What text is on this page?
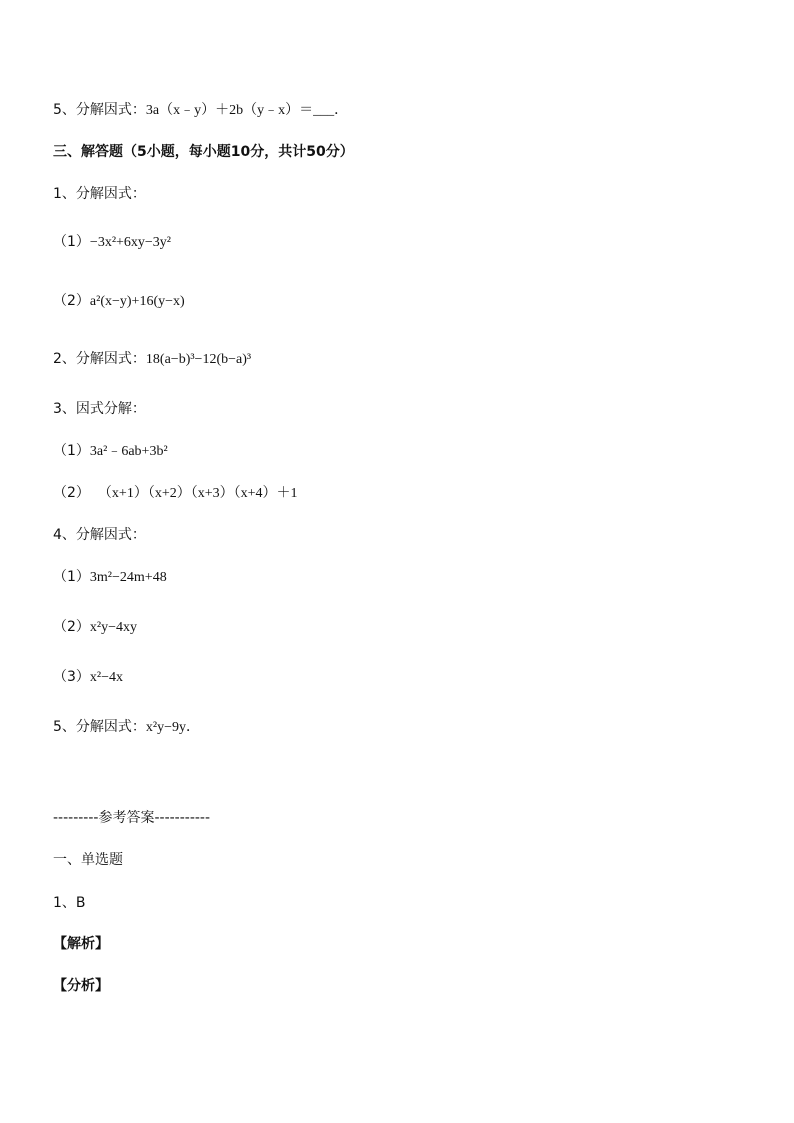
5、分解因式：3a（x﹣y）＋2b（y﹣x）＝___．
三、解答题（5小题，每小题10分，共计50分）
1、分解因式：
（1）−3x²+6xy−3y²
（2）a²(x−y)+16(y−x)
2、分解因式：18(a−b)³−12(b−a)³
3、因式分解：
（1）3a²﹣6ab+3b²
（2） （x+1）（x+2）（x+3）（x+4）＋1
4、分解因式：
（1）3m²−24m+48
（2）x²y−4xy
（3）x²−4x
5、分解因式：x²y−9y．
---------参考答案-----------
一、单选题
1、B
【解析】
【分析】
